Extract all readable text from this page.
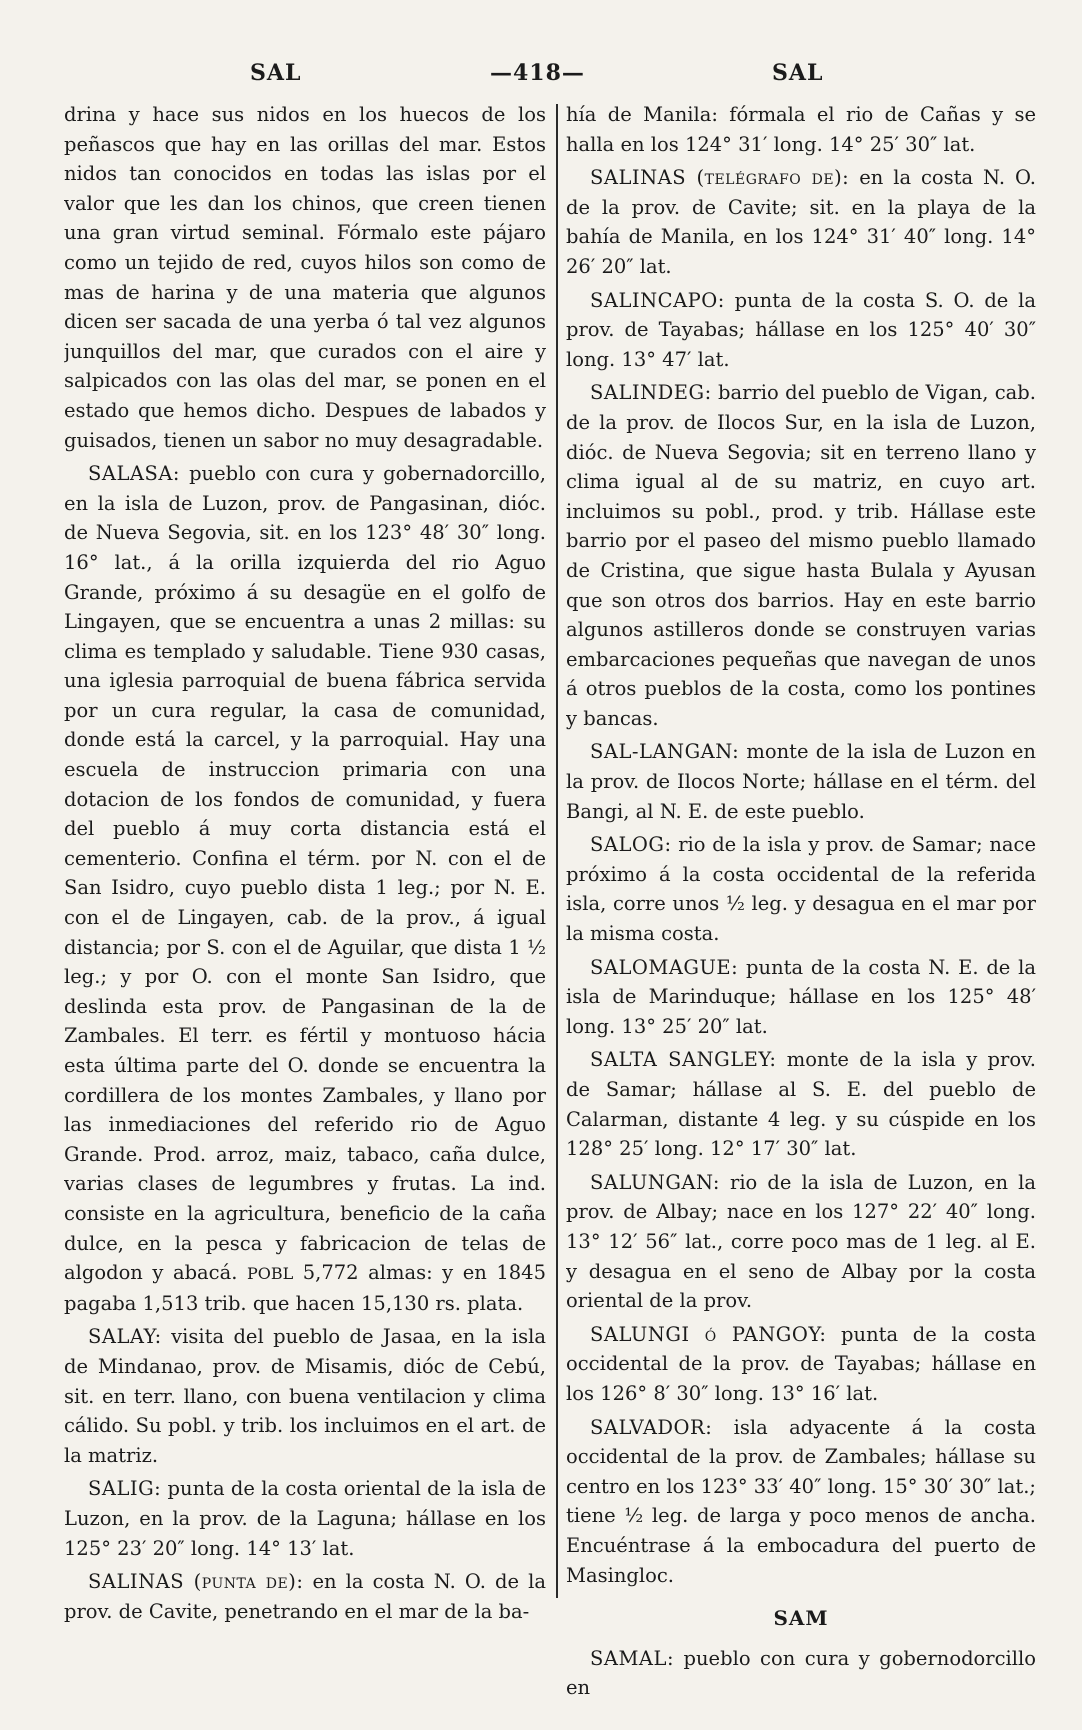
SAL	—418—	SAL

drina y hace sus nidos en los huecos de los peñascos que hay en las orillas del mar. Estos nidos tan conocidos en todas las islas por el valor que les dan los chinos, que creen tienen una gran virtud seminal. Fórmalo este pájaro como un tejido de red, cuyos hilos son como de mas de harina y de una materia que algunos dicen ser sacada de una yerba ó tal vez algunos junquillos del mar, que curados con el aire y salpicados con las olas del mar, se ponen en el estado que hemos dicho. Despues de labados y guisados, tienen un sabor no muy desagradable.

SALASA: pueblo con cura y gobernadorcillo, en la isla de Luzon, prov. de Pangasinan, dióc. de Nueva Segovia, sit. en los 123° 48′ 30″ long. 16° lat., á la orilla izquierda del rio Aguo Grande, próximo á su desagüe en el golfo de Lingayen, que se encuentra a unas 2 millas: su clima es templado y saludable. Tiene 930 casas, una iglesia parroquial de buena fábrica servida por un cura regular, la casa de comunidad, donde está la carcel, y la parroquial. Hay una escuela de instruccion primaria con una dotacion de los fondos de comunidad, y fuera del pueblo á muy corta distancia está el cementerio. Confina el térm. por N. con el de San Isidro, cuyo pueblo dista 1 leg.; por N. E. con el de Lingayen, cab. de la prov., á igual distancia; por S. con el de Aguilar, que dista 1 ½ leg.; y por O. con el monte San Isidro, que deslinda esta prov. de Pangasinan de la de Zambales. El terr. es fértil y montuoso hácia esta última parte del O. donde se encuentra la cordillera de los montes Zambales, y llano por las inmediaciones del referido rio de Aguo Grande. Prod. arroz, maiz, tabaco, caña dulce, varias clases de legumbres y frutas. La ind. consiste en la agricultura, beneficio de la caña dulce, en la pesca y fabricacion de telas de algodon y abacá. POBL 5,772 almas: y en 1845 pagaba 1,513 trib. que hacen 15,130 rs. plata.

SALAY: visita del pueblo de Jasaa, en la isla de Mindanao, prov. de Misamis, dióc de Cebú, sit. en terr. llano, con buena ventilacion y clima cálido. Su pobl. y trib. los incluimos en el art. de la matriz.

SALIG: punta de la costa oriental de la isla de Luzon, en la prov. de la Laguna; hállase en los 125° 23′ 20″ long. 14° 13′ lat.

SALINAS (punta de): en la costa N. O. de la prov. de Cavite, penetrando en el mar de la ba-

hía de Manila: fórmala el rio de Cañas y se halla en los 124° 31′ long. 14° 25′ 30″ lat.

SALINAS (telégrafo de): en la costa N. O. de la prov. de Cavite; sit. en la playa de la bahía de Manila, en los 124° 31′ 40″ long. 14° 26′ 20″ lat.

SALINCAPO: punta de la costa S. O. de la prov. de Tayabas; hállase en los 125° 40′ 30″ long. 13° 47′ lat.

SALINDEG: barrio del pueblo de Vigan, cab. de la prov. de Ilocos Sur, en la isla de Luzon, dióc. de Nueva Segovia; sit en terreno llano y clima igual al de su matriz, en cuyo art. incluimos su pobl., prod. y trib. Hállase este barrio por el paseo del mismo pueblo llamado de Cristina, que sigue hasta Bulala y Ayusan que son otros dos barrios. Hay en este barrio algunos astilleros donde se construyen varias embarcaciones pequeñas que navegan de unos á otros pueblos de la costa, como los pontines y bancas.

SAL-LANGAN: monte de la isla de Luzon en la prov. de Ilocos Norte; hállase en el térm. del Bangi, al N. E. de este pueblo.

SALOG: rio de la isla y prov. de Samar; nace próximo á la costa occidental de la referida isla, corre unos ½ leg. y desagua en el mar por la misma costa.

SALOMAGUE: punta de la costa N. E. de la isla de Marinduque; hállase en los 125° 48′ long. 13° 25′ 20″ lat.

SALTA SANGLEY: monte de la isla y prov. de Samar; hállase al S. E. del pueblo de Calarman, distante 4 leg. y su cúspide en los 128° 25′ long. 12° 17′ 30″ lat.

SALUNGAN: rio de la isla de Luzon, en la prov. de Albay; nace en los 127° 22′ 40″ long. 13° 12′ 56″ lat., corre poco mas de 1 leg. al E. y desagua en el seno de Albay por la costa oriental de la prov.

SALUNGI ó PANGOY: punta de la costa occidental de la prov. de Tayabas; hállase en los 126° 8′ 30″ long. 13° 16′ lat.

SALVADOR: isla adyacente á la costa occidental de la prov. de Zambales; hállase su centro en los 123° 33′ 40″ long. 15° 30′ 30″ lat.; tiene ½ leg. de larga y poco menos de ancha. Encuéntrase á la embocadura del puerto de Masingloc.

SAM

SAMAL: pueblo con cura y gobernodorcillo en
